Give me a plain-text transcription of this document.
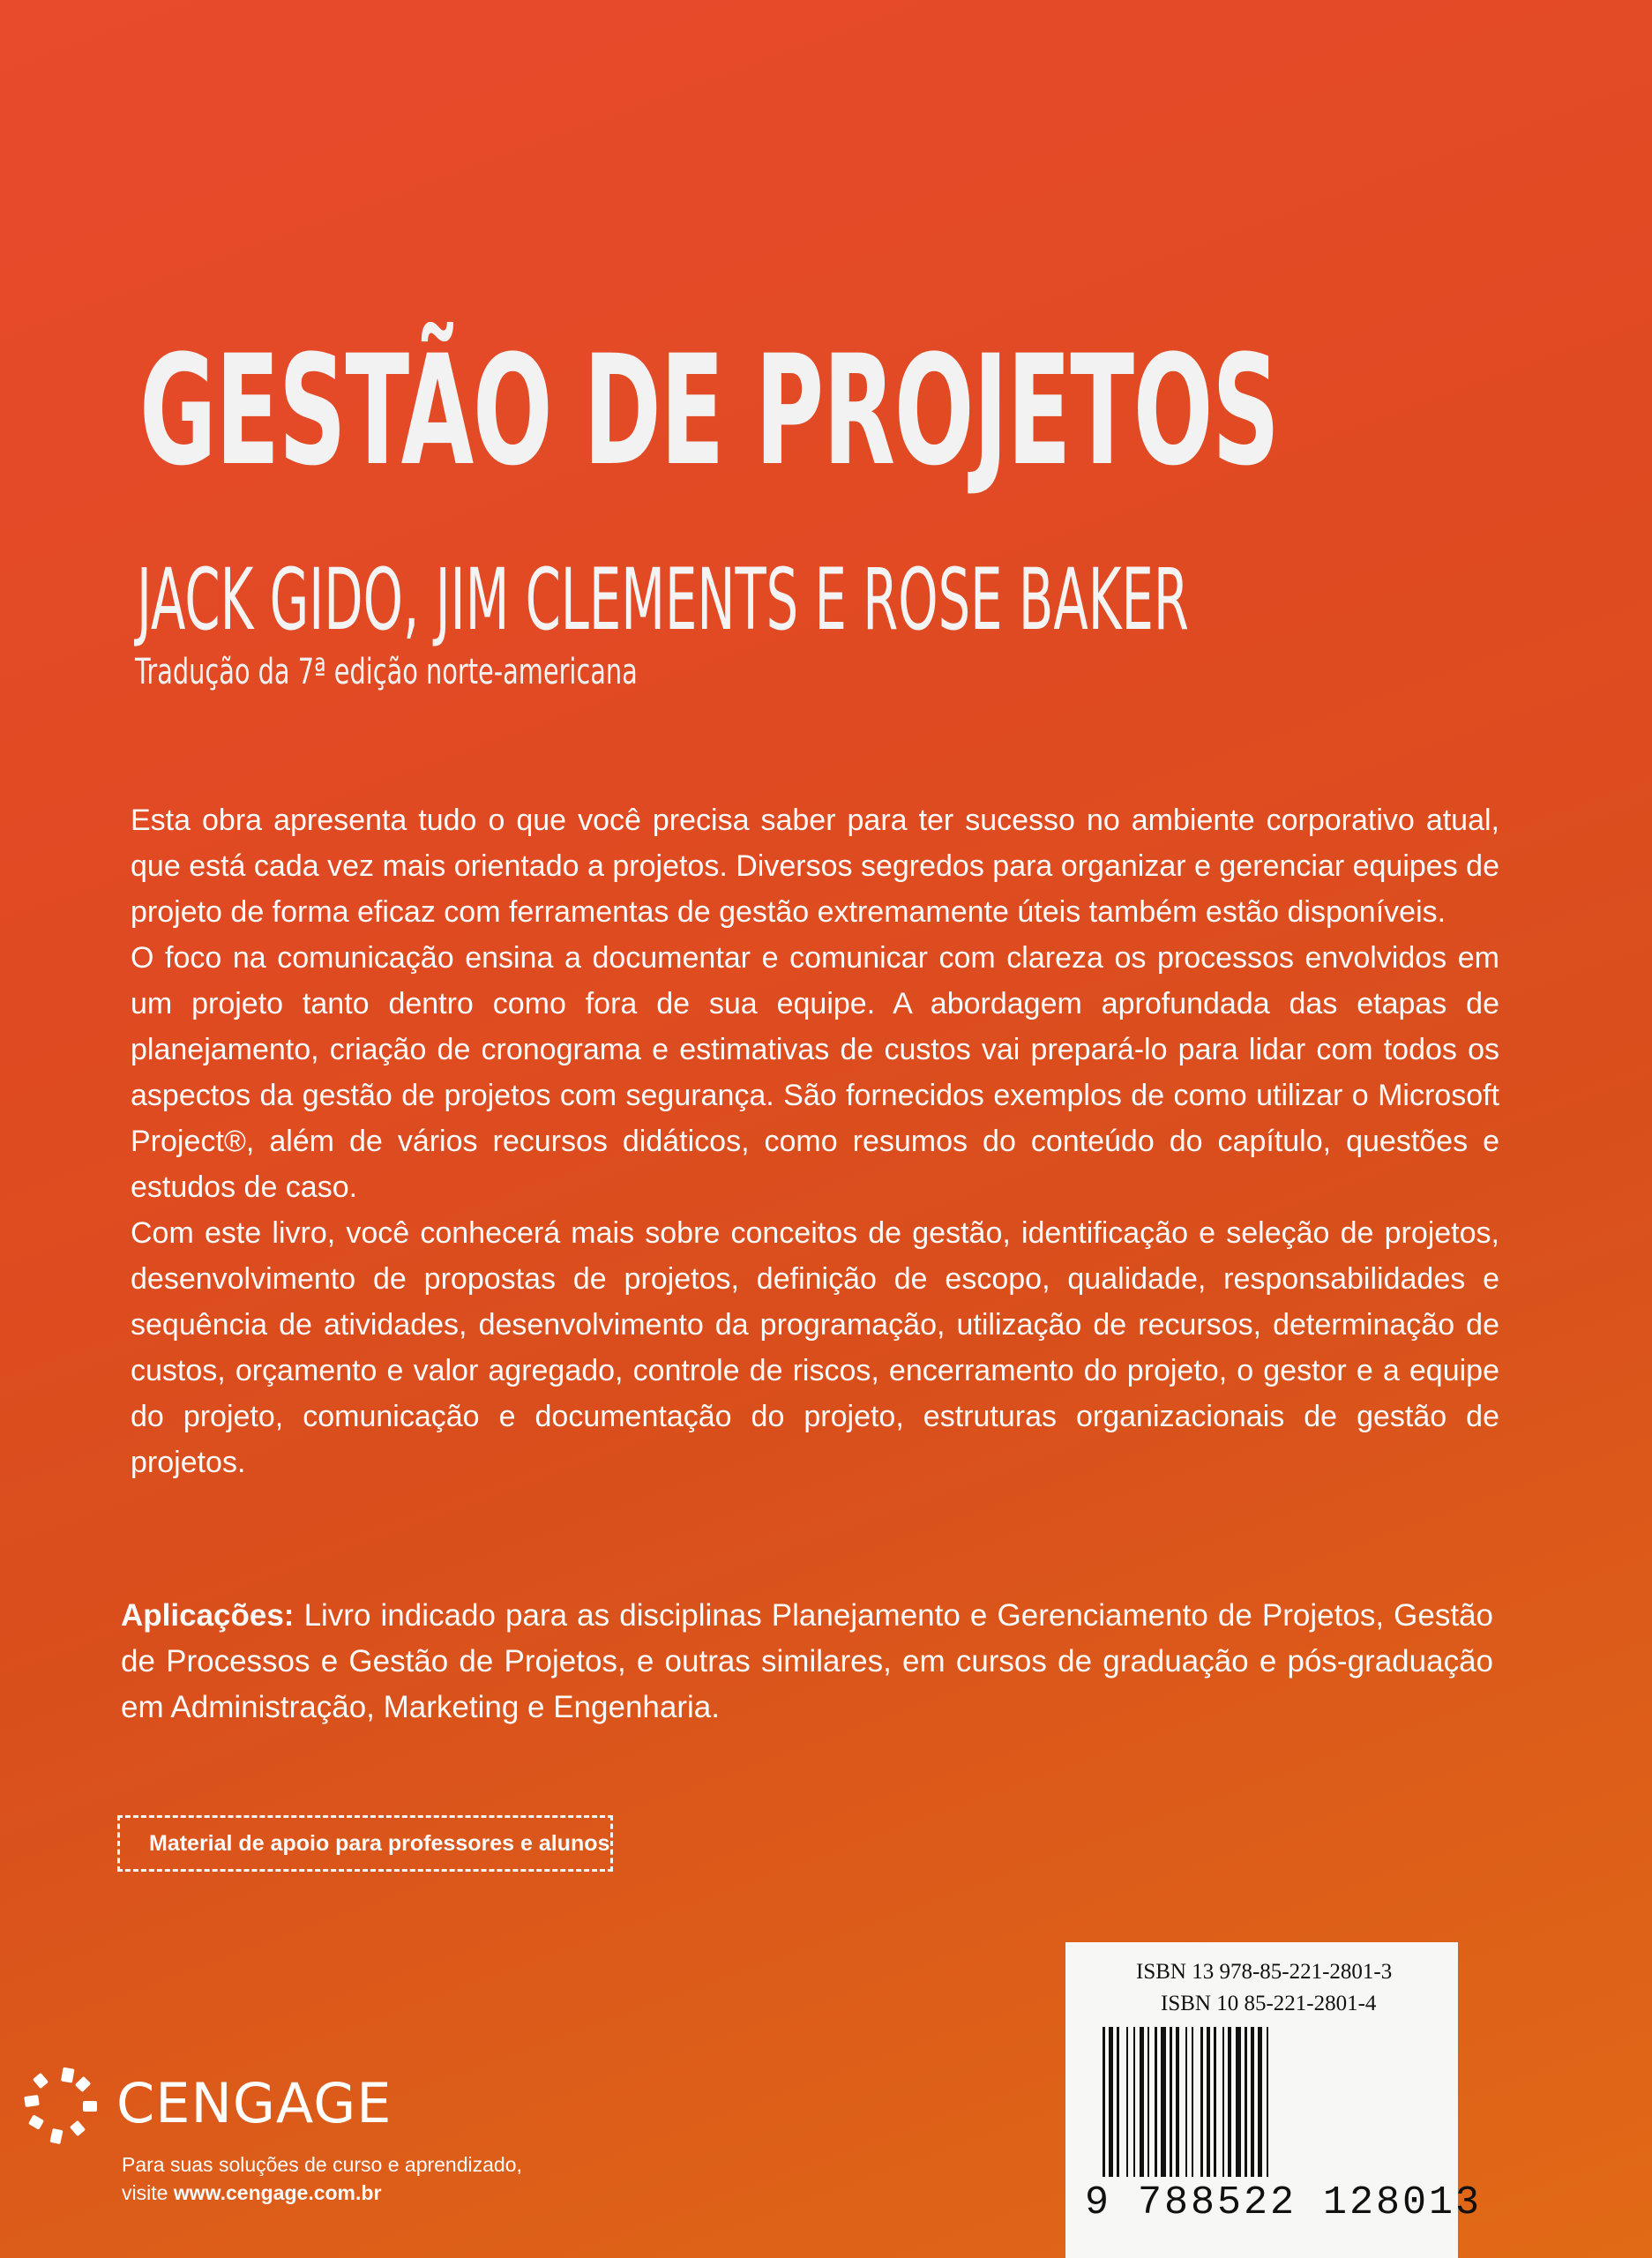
GESTÃO DE PROJETOS
JACK GIDO, JIM CLEMENTS E ROSE BAKER
Tradução da 7ª edição norte-americana

Esta obra apresenta tudo o que você precisa saber para ter sucesso no ambiente corporativo atual, que está cada vez mais orientado a projetos. Diversos segredos para organizar e gerenciar equipes de projeto de forma eficaz com ferramentas de gestão extremamente úteis também estão disponíveis.

O foco na comunicação ensina a documentar e comunicar com clareza os processos envolvidos em um projeto tanto dentro como fora de sua equipe. A abordagem aprofundada das etapas de planejamento, criação de cronograma e estimativas de custos vai prepará-lo para lidar com todos os aspectos da gestão de projetos com segurança. São fornecidos exemplos de como utilizar o Microsoft Project®, além de vários recursos didáticos, como resumos do conteúdo do capítulo, questões e estudos de caso.

Com este livro, você conhecerá mais sobre conceitos de gestão, identificação e seleção de projetos, desenvolvimento de propostas de projetos, definição de escopo, qualidade, responsabilidades e sequência de atividades, desenvolvimento da programação, utilização de recursos, determinação de custos, orçamento e valor agregado, controle de riscos, encerramento do projeto, o gestor e a equipe do projeto, comunicação e documentação do projeto, estruturas organizacionais de gestão de projetos.

Aplicações: Livro indicado para as disciplinas Planejamento e Gerenciamento de Projetos, Gestão de Processos e Gestão de Projetos, e outras similares, em cursos de graduação e pós-graduação em Administração, Marketing e Engenharia.

Material de apoio para professores e alunos
CENGAGE
Para suas soluções de curso e aprendizado,
visite www.cengage.com.br
ISBN 13 978-85-221-2801-3
ISBN 10 85-221-2801-4
9 788522 128013
